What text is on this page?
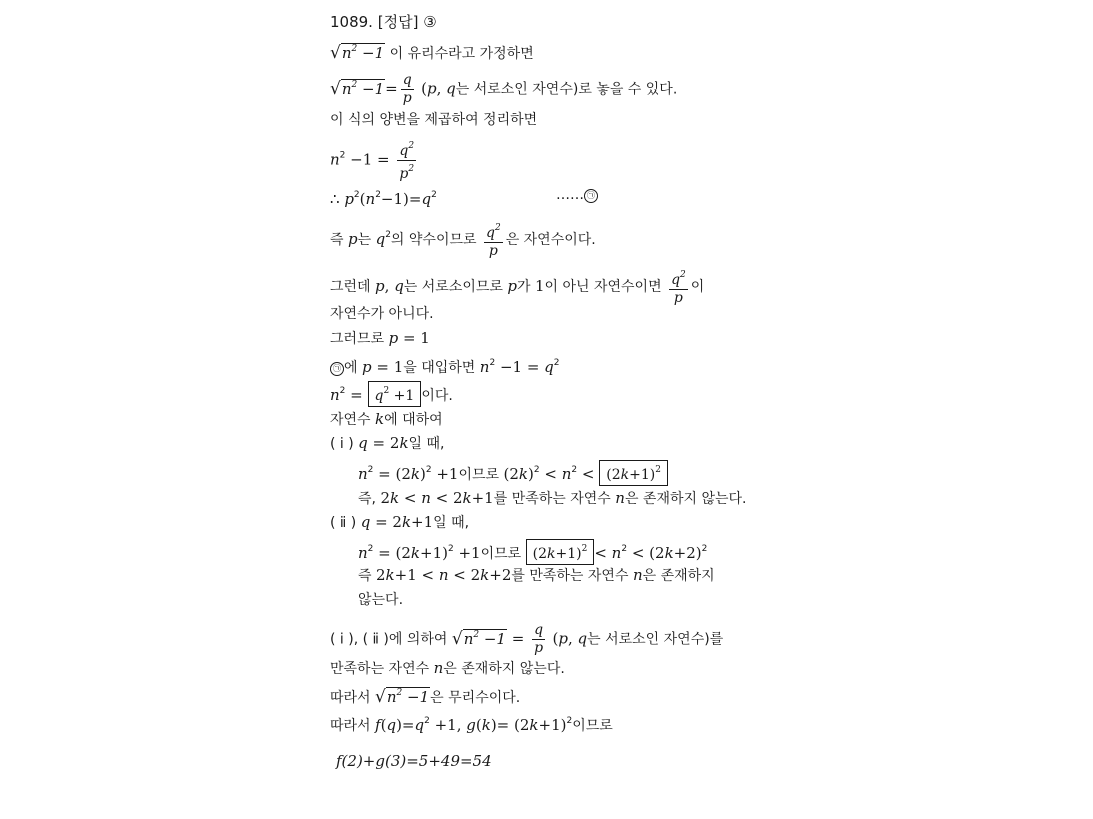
1089. [정답] ③
$√n^2 -1$ 이 유리수라고 가정하면
$√n^2 -1= \frac{q}{p} (p$, q는 서로소인 자연수)로 놓을 수 있다.
이 식의 양변을 제곱하여 정리하면
$n^2 -1 = \frac{q^2}{p^2}$
∴ $p^2(n^2-1)=q^2$	…… ㉠
즉 p는 $q^2$의 약수이므로 $\frac{q^2}{p}$ 은 자연수이다.
그런데 p, q는 서로소이므로 p가 1이 아닌 자연수이면 $\frac{q^2}{p}$ 이
자연수가 아니다.
그러므로 p = 1
㉠ 에 p = 1을 대입하면 $n^2 -1 = q^2$
$n^2 = q^2 +1$ 이다.
자연수 k에 대하여
( ⅰ ) q = 2k일 때,
$n^2 = (2k)^2 +1$이므로 $(2k)^2 < n^2 < (2k+1)^2$
즉, 2k < n < 2k+1를 만족하는 자연수 n은 존재하지 않는다.
( ⅱ ) q = 2k+1일 때,
$n^2 = (2k+1)^2 +1$이므로 $(2k+1)^2 < n^2 < (2k+2)^2$
즉 2k+1 < n < 2k+2를 만족하는 자연수 n은 존재하지
않는다.
( ⅰ ), ( ⅱ )에 의하여 $√n^2 -1 = \frac{q}{p} (p$, q는 서로소인 자연수)를
만족하는 자연수 n은 존재하지 않는다.
따라서 $√n^2 -1$은 무리수이다.
따라서 $f(q)=q^2 +1$, $g(k)= (2k+1)^2$이므로
f(2)+g(3)=5+49=54
